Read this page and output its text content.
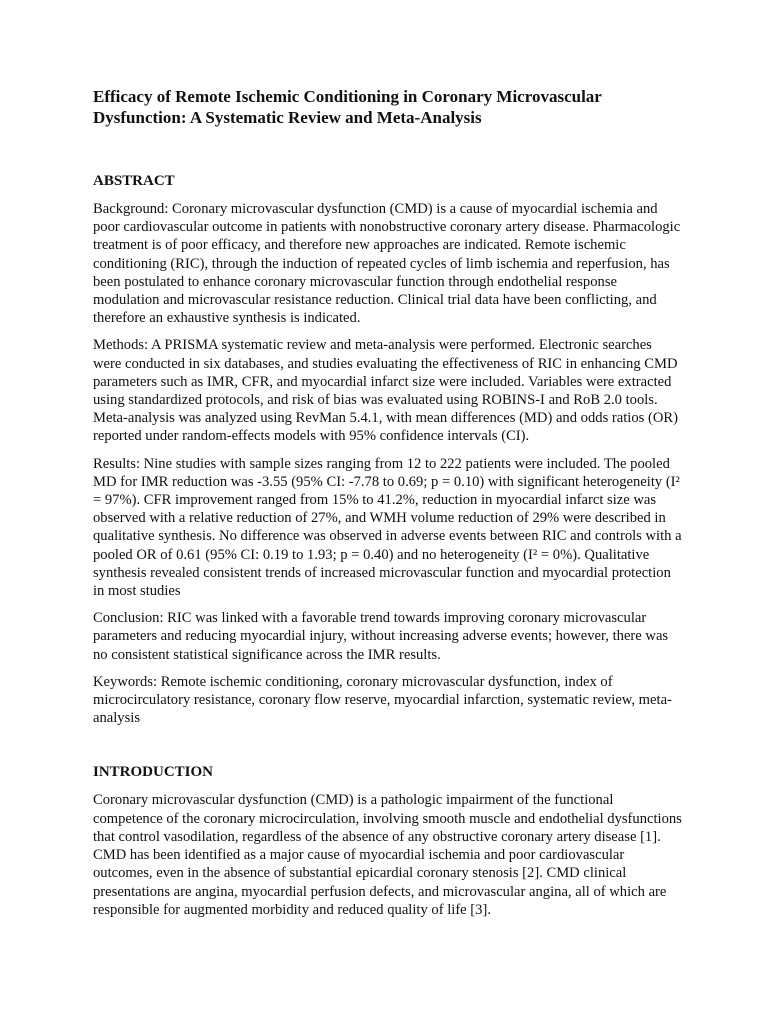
Efficacy of Remote Ischemic Conditioning in Coronary Microvascular Dysfunction: A Systematic Review and Meta-Analysis
ABSTRACT

Background: Coronary microvascular dysfunction (CMD) is a cause of myocardial ischemia and poor cardiovascular outcome in patients with nonobstructive coronary artery disease. Pharmacologic treatment is of poor efficacy, and therefore new approaches are indicated. Remote ischemic conditioning (RIC), through the induction of repeated cycles of limb ischemia and reperfusion, has been postulated to enhance coronary microvascular function through endothelial response modulation and microvascular resistance reduction. Clinical trial data have been conflicting, and therefore an exhaustive synthesis is indicated.

Methods: A PRISMA systematic review and meta-analysis were performed. Electronic searches were conducted in six databases, and studies evaluating the effectiveness of RIC in enhancing CMD parameters such as IMR, CFR, and myocardial infarct size were included. Variables were extracted using standardized protocols, and risk of bias was evaluated using ROBINS-I and RoB 2.0 tools. Meta-analysis was analyzed using RevMan 5.4.1, with mean differences (MD) and odds ratios (OR) reported under random-effects models with 95% confidence intervals (CI).

Results: Nine studies with sample sizes ranging from 12 to 222 patients were included. The pooled MD for IMR reduction was -3.55 (95% CI: -7.78 to 0.69; p = 0.10) with significant heterogeneity (I² = 97%). CFR improvement ranged from 15% to 41.2%, reduction in myocardial infarct size was observed with a relative reduction of 27%, and WMH volume reduction of 29% were described in qualitative synthesis. No difference was observed in adverse events between RIC and controls with a pooled OR of 0.61 (95% CI: 0.19 to 1.93; p = 0.40) and no heterogeneity (I² = 0%). Qualitative synthesis revealed consistent trends of increased microvascular function and myocardial protection in most studies

Conclusion: RIC was linked with a favorable trend towards improving coronary microvascular parameters and reducing myocardial injury, without increasing adverse events; however, there was no consistent statistical significance across the IMR results.

Keywords: Remote ischemic conditioning, coronary microvascular dysfunction, index of microcirculatory resistance, coronary flow reserve, myocardial infarction, systematic review, meta-analysis

INTRODUCTION

Coronary microvascular dysfunction (CMD) is a pathologic impairment of the functional competence of the coronary microcirculation, involving smooth muscle and endothelial dysfunctions that control vasodilation, regardless of the absence of any obstructive coronary artery disease [1]. CMD has been identified as a major cause of myocardial ischemia and poor cardiovascular outcomes, even in the absence of substantial epicardial coronary stenosis [2]. CMD clinical presentations are angina, myocardial perfusion defects, and microvascular angina, all of which are responsible for augmented morbidity and reduced quality of life [3].
